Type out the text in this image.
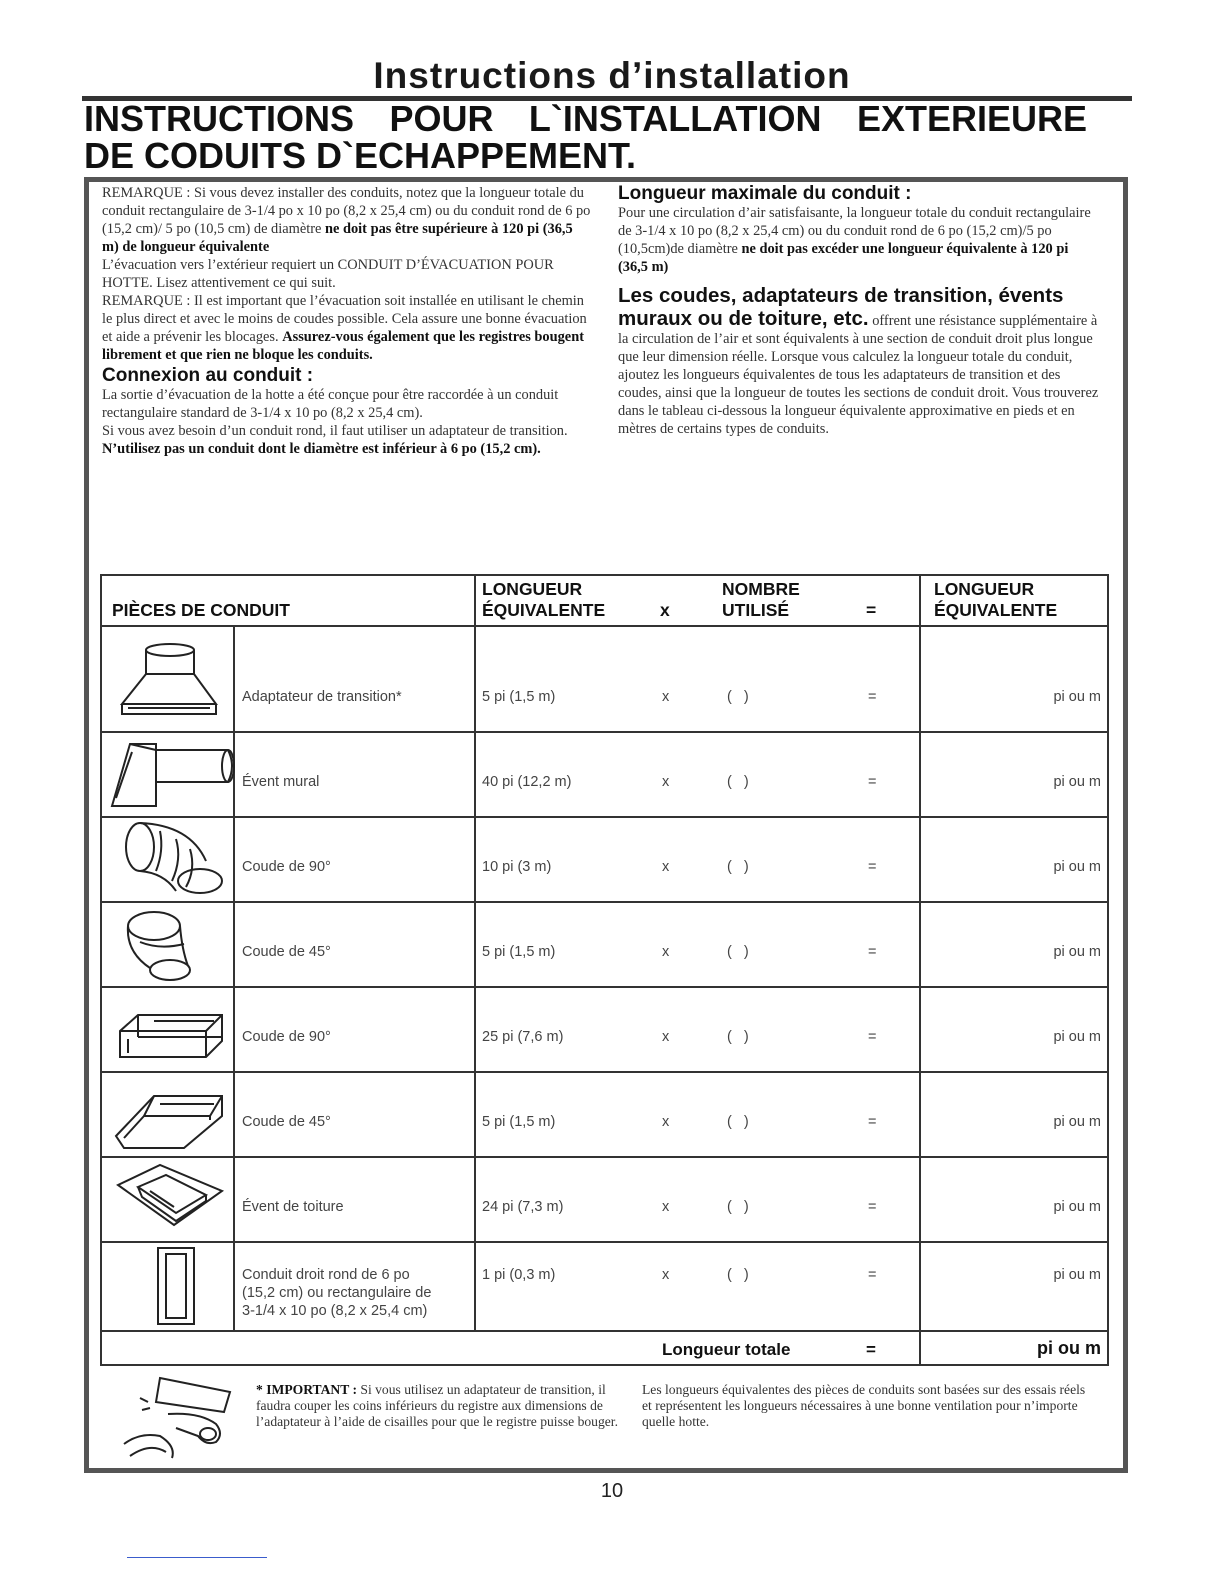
Instructions d’installation
INSTRUCTIONS POUR L`INSTALLATION EXTERIEURE
DE CODUITS D`ECHAPPEMENT.

REMARQUE : Si vous devez installer des conduits, notez que la longueur totale du conduit rectangulaire de 3-1/4 po x 10 po (8,2 x 25,4 cm) ou du conduit rond de 6 po (15,2 cm)/ 5 po (10,5 cm) de diamètre ne doit pas être supérieure à 120 pi (36,5 m) de longueur équivalente

L’évacuation vers l’extérieur requiert un CONDUIT D’ÉVACUATION POUR HOTTE. Lisez attentivement ce qui suit.

REMARQUE : Il est important que l’évacuation soit installée en utilisant le chemin le plus direct et avec le moins de coudes possible. Cela assure une bonne évacuation et aide a prévenir les blocages. Assurez-vous également que les registres bougent librement et que rien ne bloque les conduits.

Connexion au conduit :

La sortie d’évacuation de la hotte a été conçue pour être raccordée à un conduit rectangulaire standard de 3-1/4 x 10 po (8,2 x 25,4 cm).

Si vous avez besoin d’un conduit rond, il faut utiliser un adaptateur de transition. N’utilisez pas un conduit dont le diamètre est inférieur à 6 po (15,2 cm).

Longueur maximale du conduit :

Pour une circulation d’air satisfaisante, la longueur totale du conduit rectangulaire de 3-1/4 x 10 po (8,2 x 25,4 cm) ou du conduit rond de 6 po (15,2 cm)/5 po (10,5cm)de diamètre ne doit pas excéder une longueur équivalente à 120 pi (36,5 m)

Les coudes, adaptateurs de transition, évents muraux ou de toiture, etc. offrent une résistance supplémentaire à la circulation de l’air et sont équivalents à une section de conduit droit plus longue que leur dimension réelle. Lorsque vous calculez la longueur totale du conduit, ajoutez les longueurs équivalentes de tous les adaptateurs de transition et des coudes, ainsi que la longueur de toutes les sections de conduit droit. Vous trouverez dans le tableau ci-dessous la longueur équivalente approximative en pieds et en mètres de certains types de conduits.

PIÈCES DE CONDUIT
LONGUEUR
ÉQUIVALENTE	x
NOMBRE
UTILISÉ	=
LONGUEUR
ÉQUIVALENTE
Adaptateur de transition*	5 pi (1,5 m)	x	(   )	=	pi ou m
Évent mural	40 pi (12,2 m)	x	(   )	=	pi ou m
Coude de 90°	10 pi (3 m)	x	(   )	=	pi ou m
Coude de 45°	5 pi (1,5 m)	x	(   )	=	pi ou m
Coude de 90°	25 pi (7,6 m)	x	(   )	=	pi ou m
Coude de 45°	5 pi (1,5 m)	x	(   )	=	pi ou m
Évent de toiture	24 pi (7,3 m)	x	(   )	=	pi ou m
Conduit droit rond de 6 po
(15,2 cm) ou rectangulaire de
3-1/4 x 10 po (8,2 x 25,4 cm)
1 pi (0,3 m)	x	(   )	=	pi ou m
Longueur totale	=	pi ou m
* IMPORTANT : Si vous utilisez un adaptateur de transition, il faudra couper les coins inférieurs du registre aux dimensions de l’adaptateur à l’aide de cisailles pour que le registre puisse bouger.
Les longueurs équivalentes des pièces de conduits sont basées sur des essais réels et représentent les longueurs nécessaires à une bonne ventilation pour n’importe quelle hotte.
10
